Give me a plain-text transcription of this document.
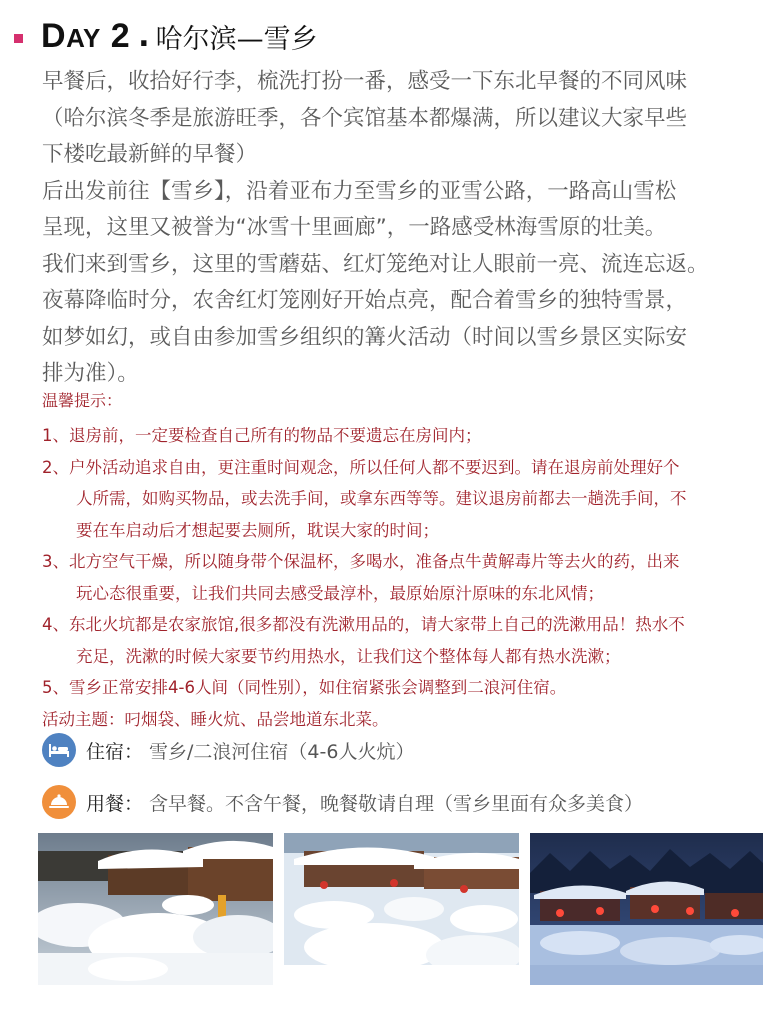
DAY 2 . 哈尔滨—雪乡

早餐后，收拾好行李，梳洗打扮一番，感受一下东北早餐的不同风味

（哈尔滨冬季是旅游旺季，各个宾馆基本都爆满，所以建议大家早些

下楼吃最新鲜的早餐）

后出发前往【雪乡】，沿着亚布力至雪乡的亚雪公路，一路高山雪松

呈现，这里又被誉为“冰雪十里画廊”，一路感受林海雪原的壮美。

我们来到雪乡，这里的雪蘑菇、红灯笼绝对让人眼前一亮、流连忘返。

夜幕降临时分，农舍红灯笼刚好开始点亮，配合着雪乡的独特雪景，

如梦如幻，或自由参加雪乡组织的篝火活动（时间以雪乡景区实际安

排为准）。

温馨提示：

1、退房前，一定要检查自己所有的物品不要遗忘在房间内；

2、户外活动追求自由，更注重时间观念，所以任何人都不要迟到。请在退房前处理好个

人所需，如购买物品，或去洗手间，或拿东西等等。建议退房前都去一趟洗手间，不

要在车启动后才想起要去厕所，耽误大家的时间；

3、北方空气干燥，所以随身带个保温杯，多喝水，准备点牛黄解毒片等去火的药，出来

玩心态很重要，让我们共同去感受最淳朴，最原始原汁原味的东北风情；

4、东北火坑都是农家旅馆,很多都没有洗漱用品的，请大家带上自己的洗漱用品！热水不

充足，洗漱的时候大家要节约用热水，让我们这个整体每人都有热水洗漱；

5、雪乡正常安排4-6人间（同性别），如住宿紧张会调整到二浪河住宿。

活动主题：叼烟袋、睡火炕、品尝地道东北菜。

住宿： 雪乡/二浪河住宿（4-6人火炕）
用餐： 含早餐。不含午餐，晚餐敬请自理（雪乡里面有众多美食）
